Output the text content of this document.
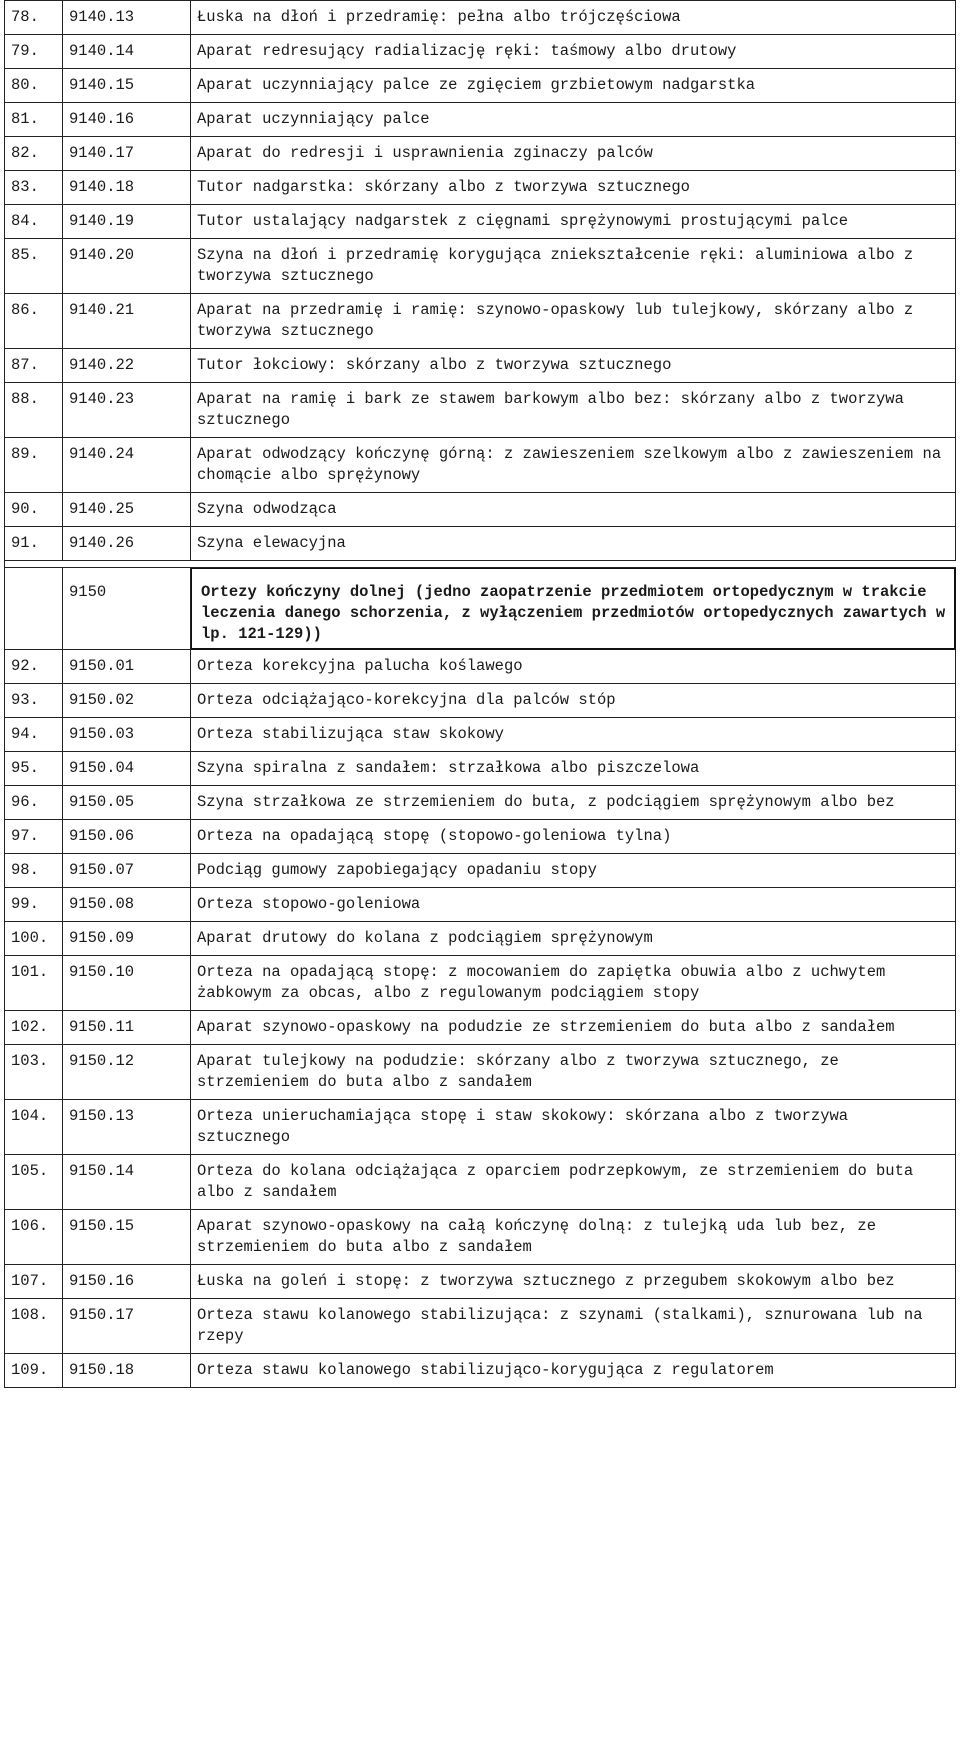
78.	9140.13	Łuska na dłoń i przedramię: pełna albo trójczęściowa
79.	9140.14	Aparat redresujący radializację ręki: taśmowy albo drutowy
80.	9140.15	Aparat uczynniający palce ze zgięciem grzbietowym nadgarstka
81.	9140.16	Aparat uczynniający palce
82.	9140.17	Aparat do redresji i usprawnienia zginaczy palców
83.	9140.18	Tutor nadgarstka: skórzany albo z tworzywa sztucznego
84.	9140.19	Tutor ustalający nadgarstek z cięgnami sprężynowymi prostującymi palce
85.	9140.20	Szyna na dłoń i przedramię korygująca zniekształcenie ręki: aluminiowa albo z tworzywa sztucznego
86.	9140.21	Aparat na przedramię i ramię: szynowo-opaskowy lub tulejkowy, skórzany albo z tworzywa sztucznego
87.	9140.22	Tutor łokciowy: skórzany albo z tworzywa sztucznego
88.	9140.23	Aparat na ramię i bark ze stawem barkowym albo bez: skórzany albo z tworzywa sztucznego
89.	9140.24	Aparat odwodzący kończynę górną: z zawieszeniem szelkowym albo z zawieszeniem na chomącie albo sprężynowy
90.	9140.25	Szyna odwodząca
91.	9140.26	Szyna elewacyjna

	9150	Ortezy kończyny dolnej (jedno zaopatrzenie przedmiotem ortopedycznym w trakcie leczenia danego schorzenia, z wyłączeniem przedmiotów ortopedycznych zawartych w lp. 121-129))
92.	9150.01	Orteza korekcyjna palucha koślawego
93.	9150.02	Orteza odciążająco-korekcyjna dla palców stóp
94.	9150.03	Orteza stabilizująca staw skokowy
95.	9150.04	Szyna spiralna z sandałem: strzałkowa albo piszczelowa
96.	9150.05	Szyna strzałkowa ze strzemieniem do buta, z podciągiem sprężynowym albo bez
97.	9150.06	Orteza na opadającą stopę (stopowo-goleniowa tylna)
98.	9150.07	Podciąg gumowy zapobiegający opadaniu stopy
99.	9150.08	Orteza stopowo-goleniowa
100.	9150.09	Aparat drutowy do kolana z podciągiem sprężynowym
101.	9150.10	Orteza na opadającą stopę: z mocowaniem do zapiętka obuwia albo z uchwytem żabkowym za obcas, albo z regulowanym podciągiem stopy
102.	9150.11	Aparat szynowo-opaskowy na podudzie ze strzemieniem do buta albo z sandałem
103.	9150.12	Aparat tulejkowy na podudzie: skórzany albo z tworzywa sztucznego, ze strzemieniem do buta albo z sandałem
104.	9150.13	Orteza unieruchamiająca stopę i staw skokowy: skórzana albo z tworzywa sztucznego
105.	9150.14	Orteza do kolana odciążająca z oparciem podrzepkowym, ze strzemieniem do buta albo z sandałem
106.	9150.15	Aparat szynowo-opaskowy na całą kończynę dolną: z tulejką uda lub bez, ze strzemieniem do buta albo z sandałem
107.	9150.16	Łuska na goleń i stopę: z tworzywa sztucznego z przegubem skokowym albo bez
108.	9150.17	Orteza stawu kolanowego stabilizująca: z szynami (stalkami), sznurowana lub na rzepy
109.	9150.18	Orteza stawu kolanowego stabilizująco-korygująca z regulatorem
